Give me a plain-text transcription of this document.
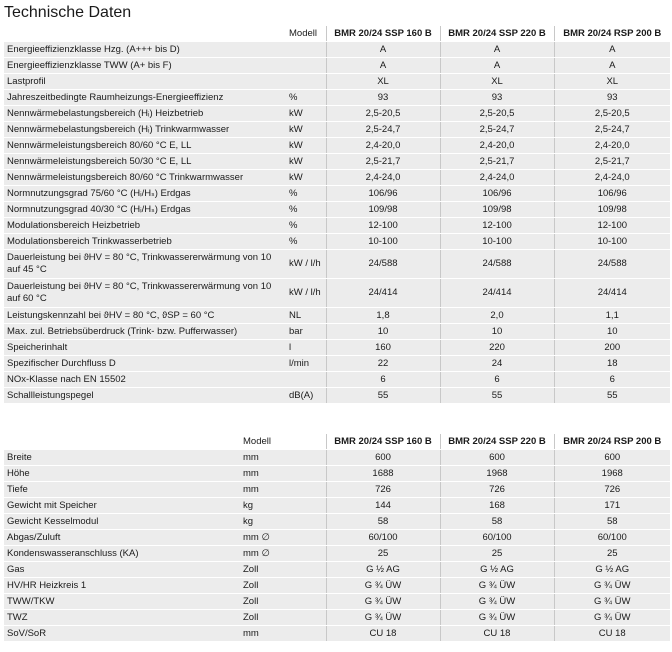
Technische Daten
	Modell	BMR 20/24 SSP 160 B	BMR 20/24 SSP 220 B	BMR 20/24 RSP 200 B
Energieeffizienzklasse Hzg. (A+++ bis D)		A	A	A
Energieeffizienzklasse TWW (A+ bis F)		A	A	A
Lastprofil		XL	XL	XL
Jahreszeitbedingte Raumheizungs-Energieeffizienz	%	93	93	93
Nennwärmebelastungsbereich (Hᵢ) Heizbetrieb	kW	2,5-20,5	2,5-20,5	2,5-20,5
Nennwärmebelastungsbereich (Hᵢ) Trinkwarmwasser	kW	2,5-24,7	2,5-24,7	2,5-24,7
Nennwärmeleistungsbereich 80/60 °C E, LL	kW	2,4-20,0	2,4-20,0	2,4-20,0
Nennwärmeleistungsbereich 50/30 °C E, LL	kW	2,5-21,7	2,5-21,7	2,5-21,7
Nennwärmeleistungsbereich 80/60 °C Trinkwarmwasser	kW	2,4-24,0	2,4-24,0	2,4-24,0
Normnutzungsgrad 75/60 °C (Hᵢ/Hₛ) Erdgas	%	106/96	106/96	106/96
Normnutzungsgrad 40/30 °C (Hᵢ/Hₛ) Erdgas	%	109/98	109/98	109/98
Modulationsbereich Heizbetrieb	%	12-100	12-100	12-100
Modulationsbereich Trinkwasserbetrieb	%	10-100	10-100	10-100
Dauerleistung bei ϑHV = 80 °C, Trinkwassererwärmung von 10 auf 45 °C	kW / l/h	24/588	24/588	24/588
Dauerleistung bei ϑHV = 80 °C, Trinkwassererwärmung von 10 auf 60 °C	kW / l/h	24/414	24/414	24/414
Leistungskennzahl bei ϑHV = 80 °C, ϑSP = 60 °C	NL	1,8	2,0	1,1
Max. zul. Betriebsüberdruck (Trink- bzw. Pufferwasser)	bar	10	10	10
Speicherinhalt	l	160	220	200
Spezifischer Durchfluss D	l/min	22	24	18
NOx-Klasse nach EN 15502		6	6	6
Schallleistungspegel	dB(A)	55	55	55
	Modell	BMR 20/24 SSP 160 B	BMR 20/24 SSP 220 B	BMR 20/24 RSP 200 B
Breite	mm	600	600	600
Höhe	mm	1688	1968	1968
Tiefe	mm	726	726	726
Gewicht mit Speicher	kg	144	168	171
Gewicht Kesselmodul	kg	58	58	58
Abgas/Zuluft	mm ∅	60/100	60/100	60/100
Kondenswasseranschluss (KA)	mm ∅	25	25	25
Gas	Zoll	G ½ AG	G ½ AG	G ½ AG
HV/HR Heizkreis 1	Zoll	G ¾ ÜW	G ¾ ÜW	G ¾ ÜW
TWW/TKW	Zoll	G ¾ ÜW	G ¾ ÜW	G ¾ ÜW
TWZ	Zoll	G ¾ ÜW	G ¾ ÜW	G ¾ ÜW
SoV/SoR	mm	CU 18	CU 18	CU 18
